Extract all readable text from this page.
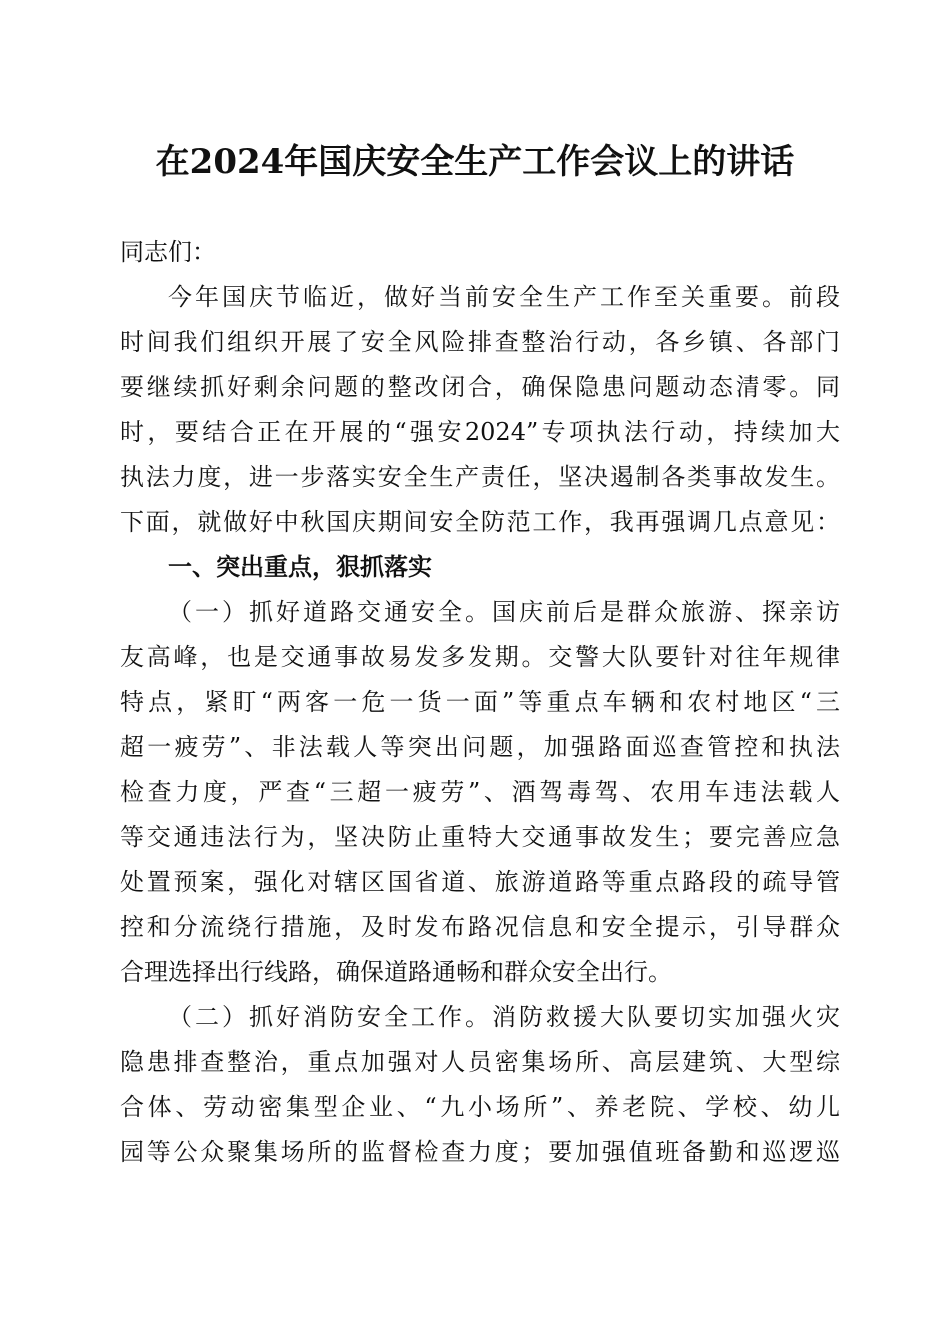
在2024年国庆安全生产工作会议上的讲话
同志们：
今年国庆节临近，做好当前安全生产工作至关重要。前段
时间我们组织开展了安全风险排查整治行动，各乡镇、各部门
要继续抓好剩余问题的整改闭合，确保隐患问题动态清零。同
时，要结合正在开展的“强安2024”专项执法行动，持续加大
执法力度，进一步落实安全生产责任，坚决遏制各类事故发生。
下面，就做好中秋国庆期间安全防范工作，我再强调几点意见：
一、突出重点，狠抓落实
（一）抓好道路交通安全。国庆前后是群众旅游、探亲访
友高峰，也是交通事故易发多发期。交警大队要针对往年规律
特点，紧盯“两客一危一货一面”等重点车辆和农村地区“三
超一疲劳”、非法载人等突出问题，加强路面巡查管控和执法
检查力度，严查“三超一疲劳”、酒驾毒驾、农用车违法载人
等交通违法行为，坚决防止重特大交通事故发生；要完善应急
处置预案，强化对辖区国省道、旅游道路等重点路段的疏导管
控和分流绕行措施，及时发布路况信息和安全提示，引导群众
合理选择出行线路，确保道路通畅和群众安全出行。
（二）抓好消防安全工作。消防救援大队要切实加强火灾
隐患排查整治，重点加强对人员密集场所、高层建筑、大型综
合体、劳动密集型企业、“九小场所”、养老院、学校、幼儿
园等公众聚集场所的监督检查力度；要加强值班备勤和巡逻巡
